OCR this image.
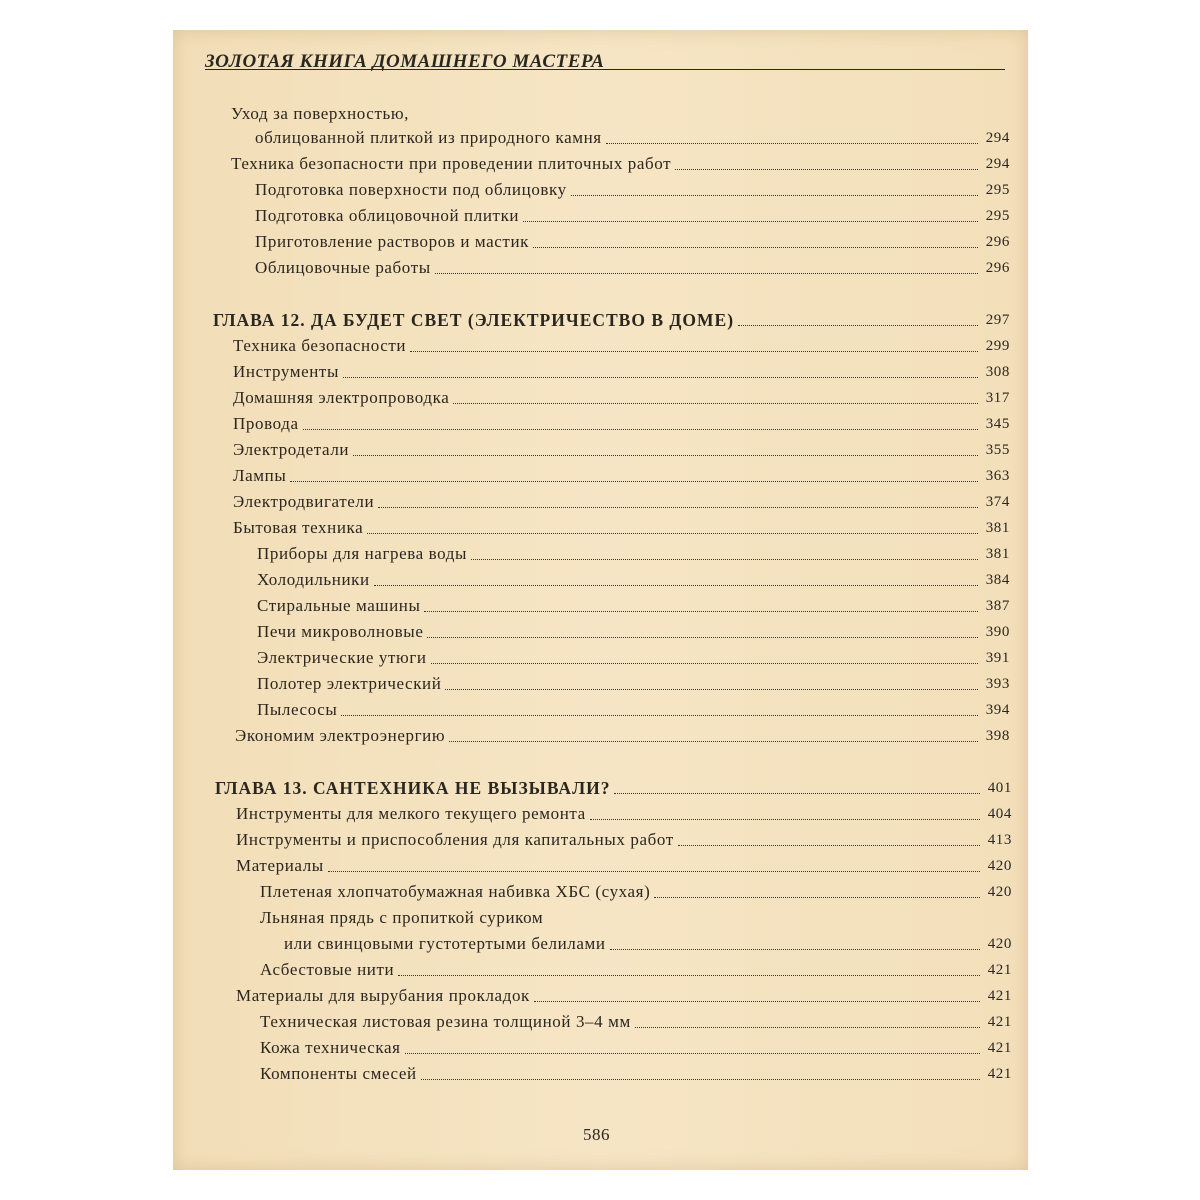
ЗОЛОТАЯ КНИГА ДОМАШНЕГО МАСТЕРА
Уход за поверхностью,
облицованной плиткой из природного камня	294
Техника безопасности при проведении плиточных работ	294
Подготовка поверхности под облицовку	295
Подготовка облицовочной плитки	295
Приготовление растворов и мастик	296
Облицовочные работы	296
ГЛАВА 12. ДА БУДЕТ СВЕТ (ЭЛЕКТРИЧЕСТВО В ДОМЕ)	297
Техника безопасности	299
Инструменты	308
Домашняя электропроводка	317
Провода	345
Электродетали	355
Лампы	363
Электродвигатели	374
Бытовая техника	381
Приборы для нагрева воды	381
Холодильники	384
Стиральные машины	387
Печи микроволновые	390
Электрические утюги	391
Полотер электрический	393
Пылесосы	394
Экономим электроэнергию	398
ГЛАВА 13. САНТЕХНИКА НЕ ВЫЗЫВАЛИ?	401
Инструменты для мелкого текущего ремонта	404
Инструменты и приспособления для капитальных работ	413
Материалы	420
Плетеная хлопчатобумажная набивка ХБС (сухая)	420
Льняная прядь с пропиткой суриком
или свинцовыми густотертыми белилами	420
Асбестовые нити	421
Материалы для вырубания прокладок	421
Техническая листовая резина толщиной 3–4 мм	421
Кожа техническая	421
Компоненты смесей	421
586
